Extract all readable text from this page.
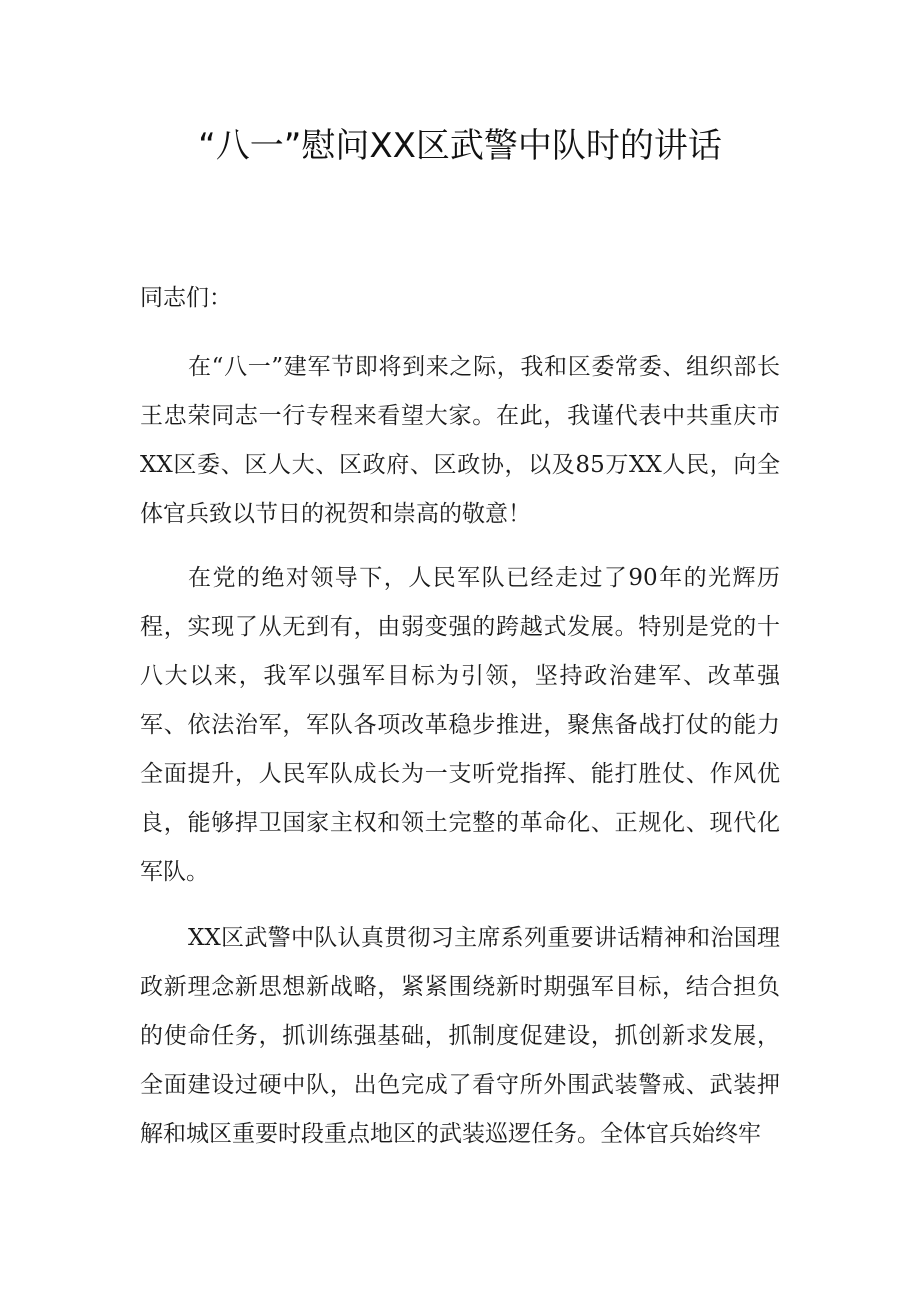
“八一”慰问XX区武警中队时的讲话
同志们：

在“八一”建军节即将到来之际，我和区委常委、组织部长王忠荣同志一行专程来看望大家。在此，我谨代表中共重庆市XX区委、区人大、区政府、区政协，以及85万XX人民，向全体官兵致以节日的祝贺和崇高的敬意！

在党的绝对领导下，人民军队已经走过了90年的光辉历程，实现了从无到有，由弱变强的跨越式发展。特别是党的十八大以来，我军以强军目标为引领，坚持政治建军、改革强军、依法治军，军队各项改革稳步推进，聚焦备战打仗的能力全面提升，人民军队成长为一支听党指挥、能打胜仗、作风优良，能够捍卫国家主权和领土完整的革命化、正规化、现代化军队。

XX区武警中队认真贯彻习主席系列重要讲话精神和治国理政新理念新思想新战略，紧紧围绕新时期强军目标，结合担负的使命任务，抓训练强基础，抓制度促建设，抓创新求发展，全面建设过硬中队，出色完成了看守所外围武装警戒、武装押解和城区重要时段重点地区的武装巡逻任务。全体官兵始终牢
